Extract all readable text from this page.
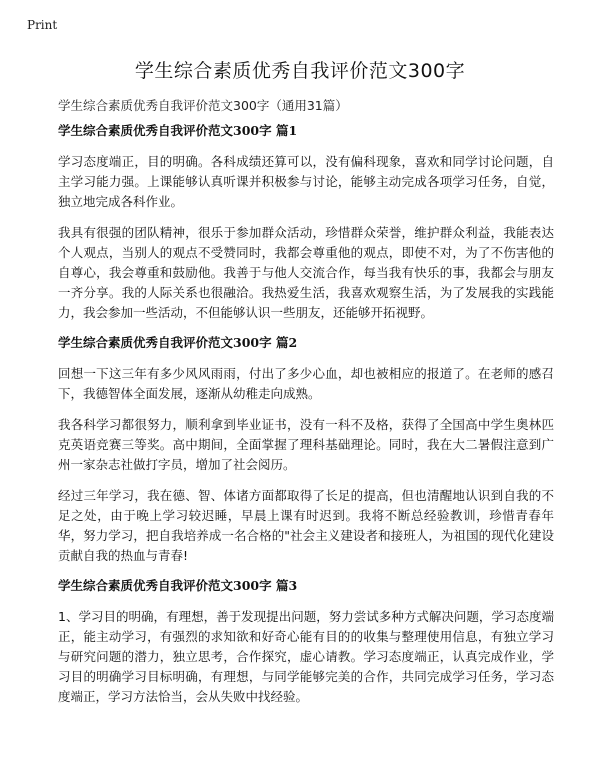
Print
学生综合素质优秀自我评价范文300字
学生综合素质优秀自我评价范文300字（通用31篇）
学生综合素质优秀自我评价范文300字 篇1

学习态度端正，目的明确。各科成绩还算可以，没有偏科现象，喜欢和同学讨论问题，自主学习能力强。上课能够认真听课并积极参与讨论，能够主动完成各项学习任务，自觉，独立地完成各科作业。

我具有很强的团队精神，很乐于参加群众活动，珍惜群众荣誉，维护群众利益，我能表达个人观点，当别人的观点不受赞同时，我都会尊重他的观点，即使不对，为了不伤害他的自尊心，我会尊重和鼓励他。我善于与他人交流合作，每当我有快乐的事，我都会与朋友一齐分享。我的人际关系也很融洽。我热爱生活，我喜欢观察生活，为了发展我的实践能力，我会参加一些活动，不但能够认识一些朋友，还能够开拓视野。

学生综合素质优秀自我评价范文300字 篇2

回想一下这三年有多少风风雨雨，付出了多少心血，却也被相应的报道了。在老师的感召下，我德智体全面发展，逐渐从幼稚走向成熟。

我各科学习都很努力，顺利拿到毕业证书，没有一科不及格，获得了全国高中学生奥林匹克英语竞赛三等奖。高中期间，全面掌握了理科基础理论。同时，我在大二暑假注意到广州一家杂志社做打字员，增加了社会阅历。

经过三年学习，我在德、智、体诸方面都取得了长足的提高，但也清醒地认识到自我的不足之处，由于晚上学习较迟睡，早晨上课有时迟到。我将不断总经验教训，珍惜青春年华，努力学习，把自我培养成一名合格的"社会主义建设者和接班人，为祖国的现代化建设贡献自我的热血与青春!

学生综合素质优秀自我评价范文300字 篇3

1、学习目的明确，有理想，善于发现提出问题，努力尝试多种方式解决问题，学习态度端正，能主动学习，有强烈的求知欲和好奇心能有目的的收集与整理使用信息，有独立学习与研究问题的潜力，独立思考，合作探究，虚心请教。学习态度端正，认真完成作业，学习目的明确学习目标明确，有理想，与同学能够完美的合作，共同完成学习任务，学习态度端正，学习方法恰当，会从失败中找经验。
